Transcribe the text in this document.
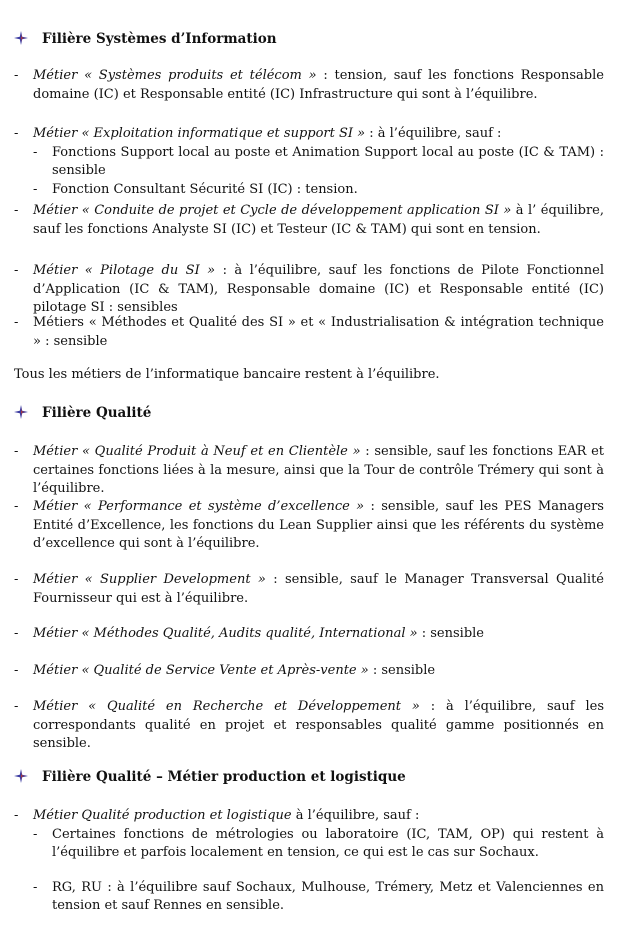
Filière Systèmes d’Information
- Métier « Systèmes produits et télécom » : tension, sauf les fonctions Responsable domaine (IC) et Responsable entité (IC) Infrastructure qui sont à l’équilibre.
- Métier « Exploitation informatique et support SI » : à l’équilibre, sauf :
- Fonctions Support local au poste et Animation Support local au poste (IC & TAM) : sensible
- Fonction Consultant Sécurité SI (IC) : tension.
- Métier « Conduite de projet et Cycle de développement application SI » à l’ équilibre, sauf les fonctions Analyste SI (IC) et Testeur (IC & TAM) qui sont en tension.
- Métier « Pilotage du SI » : à l’équilibre, sauf les fonctions de Pilote Fonctionnel d’Application (IC & TAM), Responsable domaine (IC) et Responsable entité (IC) pilotage SI : sensibles
- Métiers « Méthodes et Qualité des SI » et « Industrialisation & intégration technique » : sensible
Tous les métiers de l’informatique bancaire restent à l’équilibre.
Filière Qualité
- Métier « Qualité Produit à Neuf et en Clientèle » : sensible, sauf les fonctions EAR et certaines fonctions liées à la mesure, ainsi que la Tour de contrôle Trémery qui sont à l’équilibre.
- Métier « Performance et système d’excellence » : sensible, sauf les PES Managers Entité d’Excellence, les fonctions du Lean Supplier ainsi que les référents du système d’excellence qui sont à l’équilibre.
- Métier « Supplier Development » : sensible, sauf le Manager Transversal Qualité Fournisseur qui est à l’équilibre.
- Métier « Méthodes Qualité, Audits qualité, International » : sensible
- Métier « Qualité de Service Vente et Après-vente » : sensible
- Métier « Qualité en Recherche et Développement » : à l’équilibre, sauf les correspondants qualité en projet et responsables qualité gamme positionnés en sensible.
Filière Qualité – Métier production et logistique
- Métier Qualité production et logistique à l’équilibre, sauf :
- Certaines fonctions de métrologies ou laboratoire (IC, TAM, OP) qui restent à l’équilibre et parfois localement en tension, ce qui est le cas sur Sochaux.
- RG, RU : à l’équilibre sauf Sochaux, Mulhouse, Trémery, Metz et Valenciennes en tension et sauf Rennes en sensible.
